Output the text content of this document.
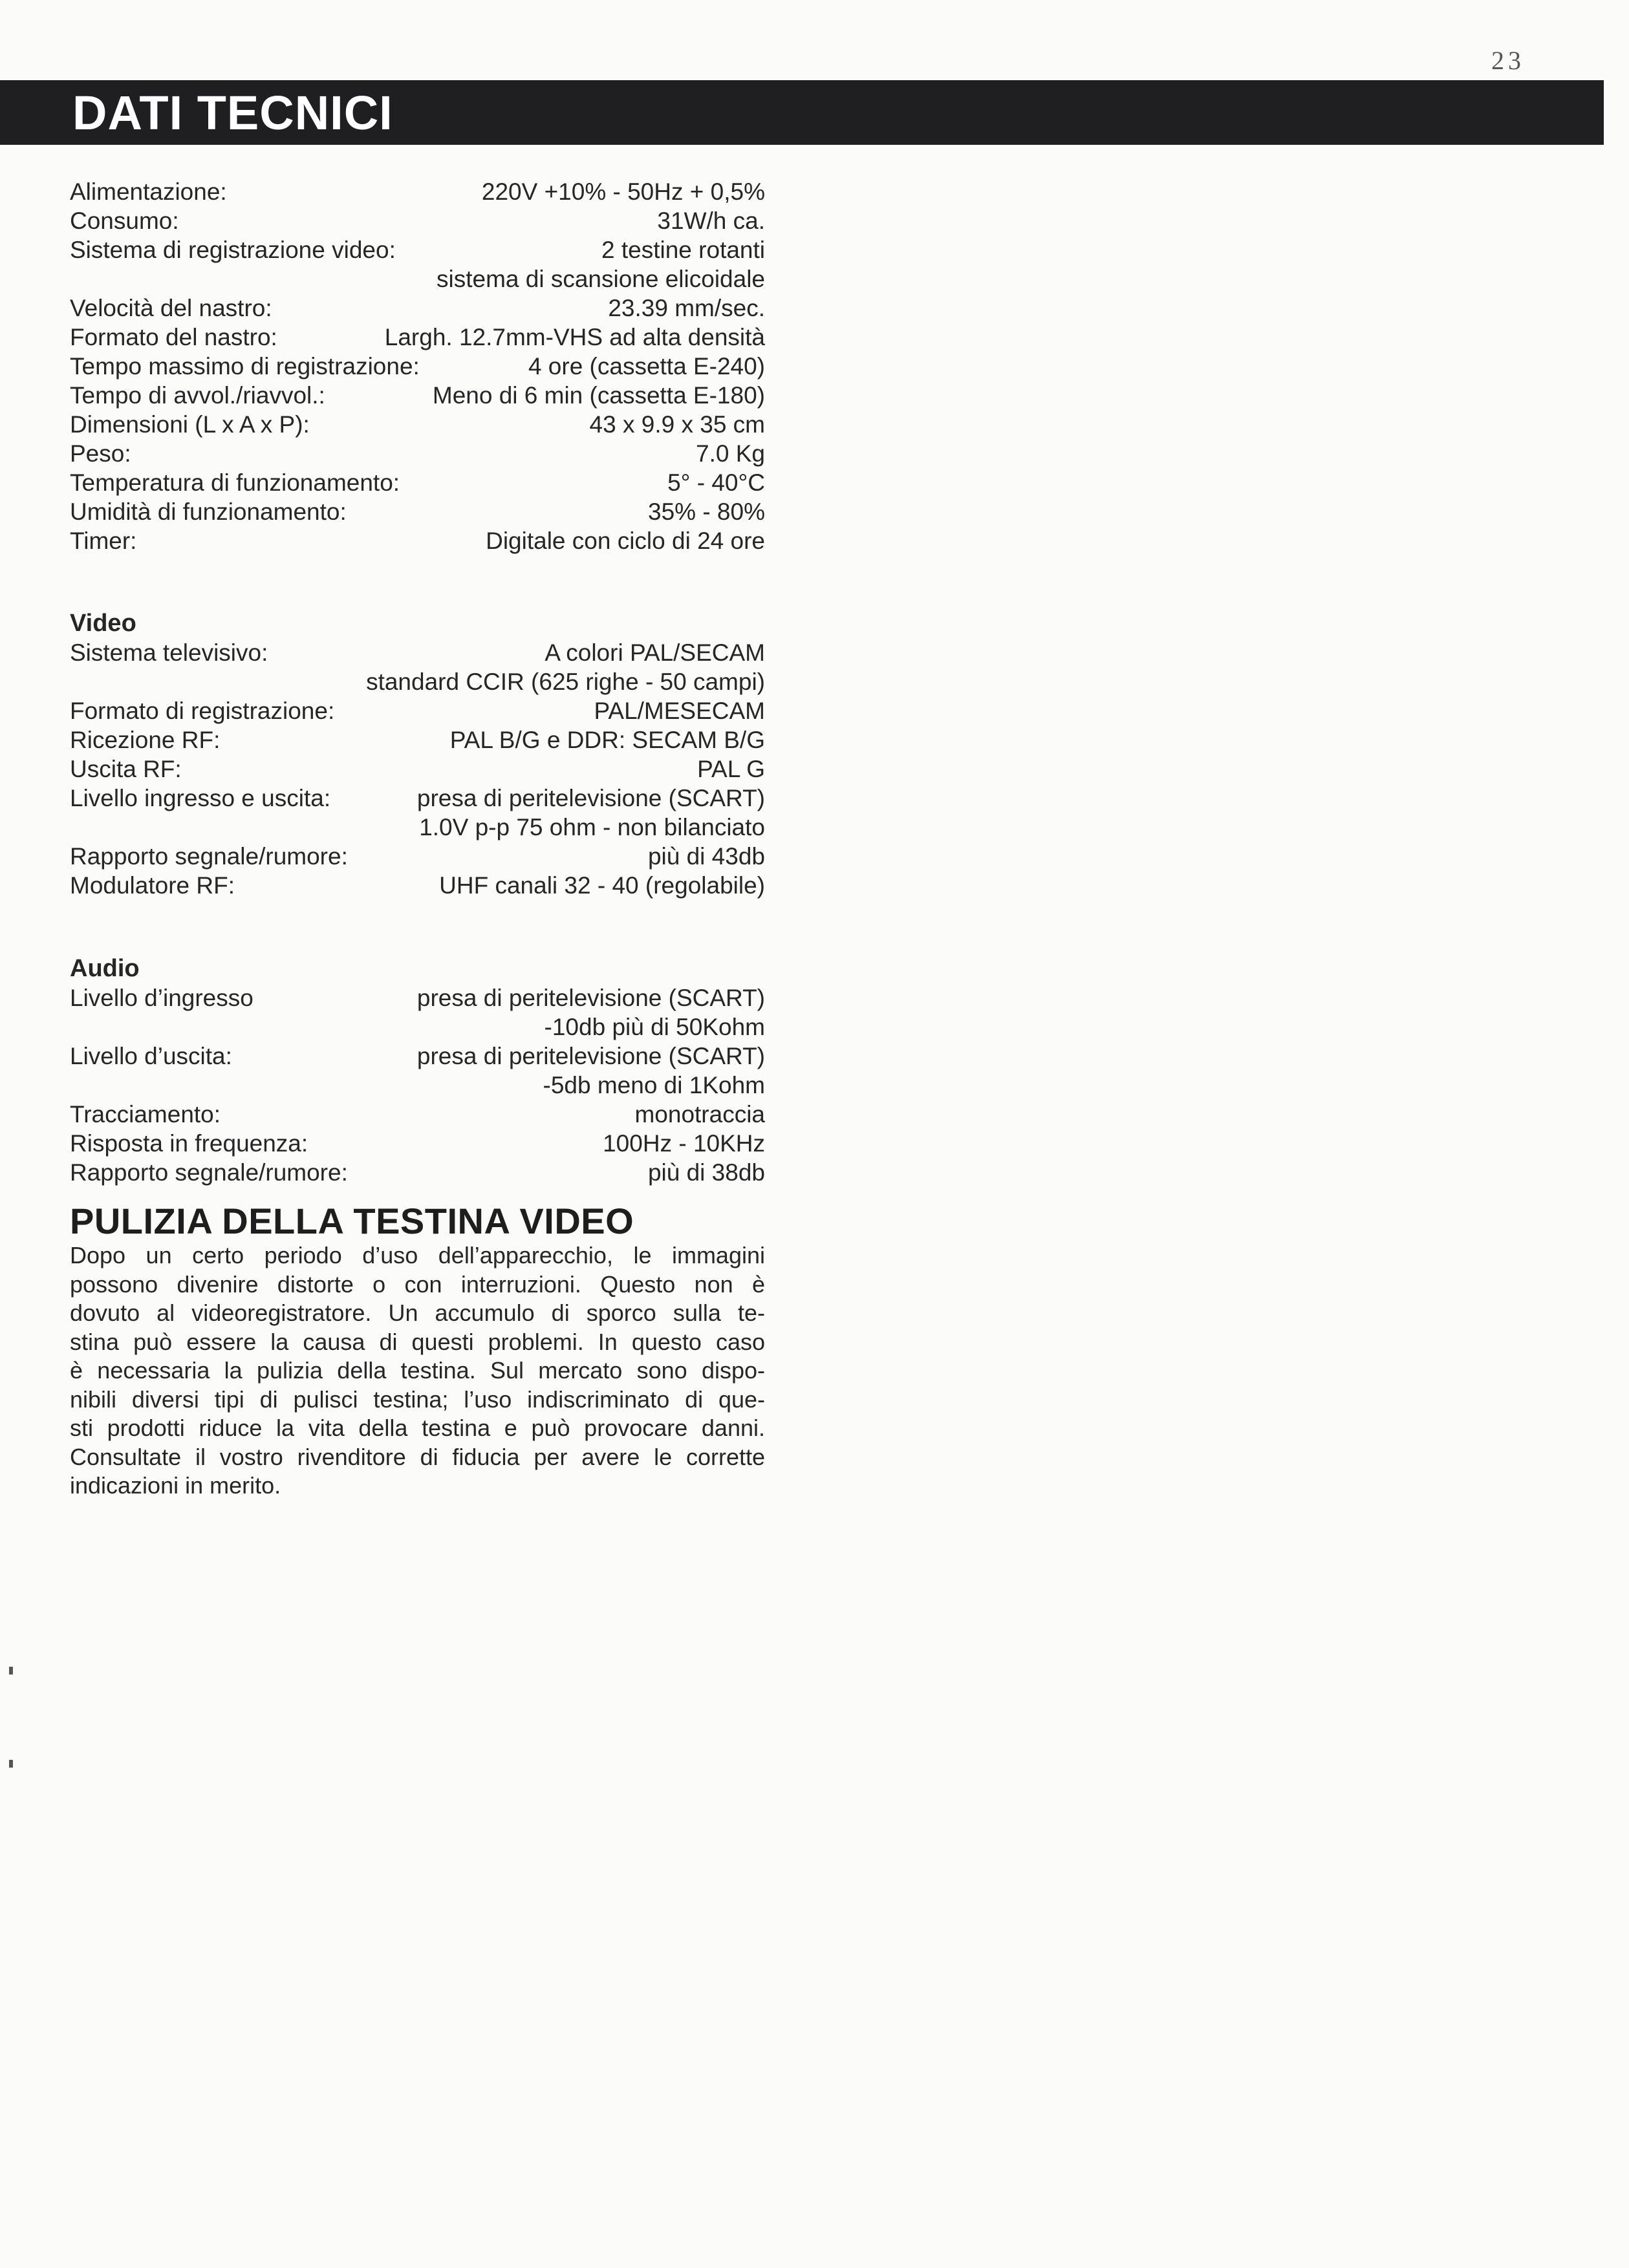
23
DATI TECNICI
Alimentazione:	220V +10% - 50Hz + 0,5%
Consumo:	31W/h ca.
Sistema di registrazione video:	2 testine rotanti
sistema di scansione elicoidale
Velocità del nastro:	23.39 mm/sec.
Formato del nastro:	Largh. 12.7mm-VHS ad alta densità
Tempo massimo di registrazione:	4 ore (cassetta E-240)
Tempo di avvol./riavvol.:	Meno di 6 min (cassetta E-180)
Dimensioni (L x A x P):	43 x 9.9 x 35 cm
Peso:	7.0 Kg
Temperatura di funzionamento:	5° - 40°C
Umidità di funzionamento:	35% - 80%
Timer:	Digitale con ciclo di 24 ore
Video
Sistema televisivo:	A colori PAL/SECAM
standard CCIR (625 righe - 50 campi)
Formato di registrazione:	PAL/MESECAM
Ricezione RF:	PAL B/G e DDR: SECAM B/G
Uscita RF:	PAL G
Livello ingresso e uscita:	presa di peritelevisione (SCART)
1.0V p-p 75 ohm - non bilanciato
Rapporto segnale/rumore:	più di 43db
Modulatore RF:	UHF canali 32 - 40 (regolabile)
Audio
Livello d’ingresso	presa di peritelevisione (SCART)
-10db più di 50Kohm
Livello d’uscita:	presa di peritelevisione (SCART)
-5db meno di 1Kohm
Tracciamento:	monotraccia
Risposta in frequenza:	100Hz - 10KHz
Rapporto segnale/rumore:	più di 38db
PULIZIA DELLA TESTINA VIDEO
Dopo un certo periodo d’uso dell’apparecchio, le immagini
possono divenire distorte o con interruzioni. Questo non è
dovuto al videoregistratore. Un accumulo di sporco sulla te-
stina può essere la causa di questi problemi. In questo caso
è necessaria la pulizia della testina. Sul mercato sono dispo-
nibili diversi tipi di pulisci testina; l’uso indiscriminato di que-
sti prodotti riduce la vita della testina e può provocare danni.
Consultate il vostro rivenditore di fiducia per avere le corrette
indicazioni in merito.
